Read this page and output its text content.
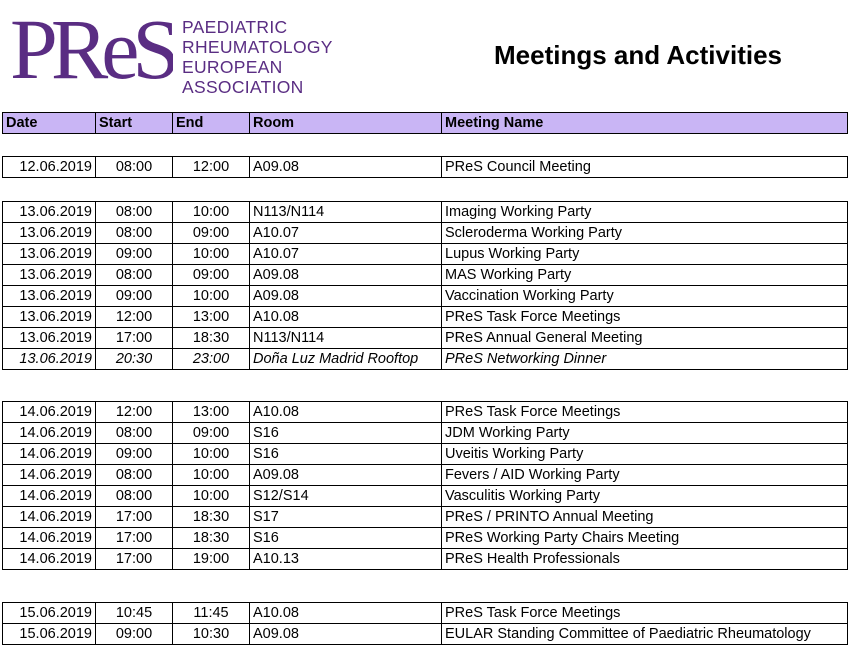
PReS PAEDIATRIC
RHEUMATOLOGY
EUROPEAN
ASSOCIATION
Meetings and Activities
Date	Start	End	Room	Meeting Name
12.06.2019	08:00	12:00	A09.08	PReS Council Meeting
13.06.2019	08:00	10:00	N113/N114	Imaging Working Party
13.06.2019	08:00	09:00	A10.07	Scleroderma Working Party
13.06.2019	09:00	10:00	A10.07	Lupus Working Party
13.06.2019	08:00	09:00	A09.08	MAS Working Party
13.06.2019	09:00	10:00	A09.08	Vaccination Working Party
13.06.2019	12:00	13:00	A10.08	PReS Task Force Meetings
13.06.2019	17:00	18:30	N113/N114	PReS Annual General Meeting
13.06.2019	20:30	23:00	Doña Luz Madrid Rooftop	PReS Networking Dinner
14.06.2019	12:00	13:00	A10.08	PReS Task Force Meetings
14.06.2019	08:00	09:00	S16	JDM Working Party
14.06.2019	09:00	10:00	S16	Uveitis Working Party
14.06.2019	08:00	10:00	A09.08	Fevers / AID Working Party
14.06.2019	08:00	10:00	S12/S14	Vasculitis Working Party
14.06.2019	17:00	18:30	S17	PReS / PRINTO Annual Meeting
14.06.2019	17:00	18:30	S16	PReS Working Party Chairs Meeting
14.06.2019	17:00	19:00	A10.13	PReS Health Professionals
15.06.2019	10:45	11:45	A10.08	PReS Task Force Meetings
15.06.2019	09:00	10:30	A09.08	EULAR Standing Committee of Paediatric Rheumatology
